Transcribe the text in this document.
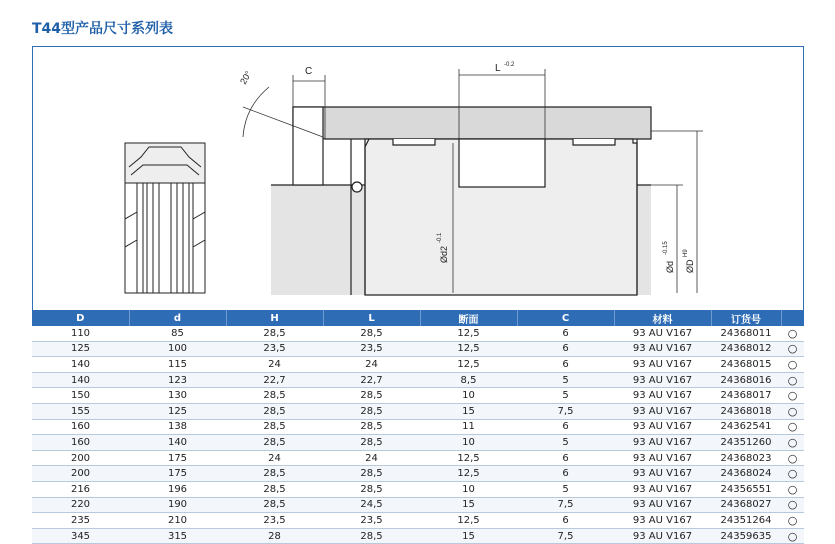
T44型产品尺寸系列表
C	L -0.2
20°
Ød2
-0.1
Ød
-0.15
ØD
H9
D	d	H	L	断面	C	材料	订货号	
110	85	28,5	28,5	12,5	6	93 AU V167	24368011	○
125	100	23,5	23,5	12,5	6	93 AU V167	24368012	○
140	115	24	24	12,5	6	93 AU V167	24368015	○
140	123	22,7	22,7	8,5	5	93 AU V167	24368016	○
150	130	28,5	28,5	10	5	93 AU V167	24368017	○
155	125	28,5	28,5	15	7,5	93 AU V167	24368018	○
160	138	28,5	28,5	11	6	93 AU V167	24362541	○
160	140	28,5	28,5	10	5	93 AU V167	24351260	○
200	175	24	24	12,5	6	93 AU V167	24368023	○
200	175	28,5	28,5	12,5	6	93 AU V167	24368024	○
216	196	28,5	28,5	10	5	93 AU V167	24356551	○
220	190	28,5	24,5	15	7,5	93 AU V167	24368027	○
235	210	23,5	23,5	12,5	6	93 AU V167	24351264	○
345	315	28	28,5	15	7,5	93 AU V167	24359635	○
